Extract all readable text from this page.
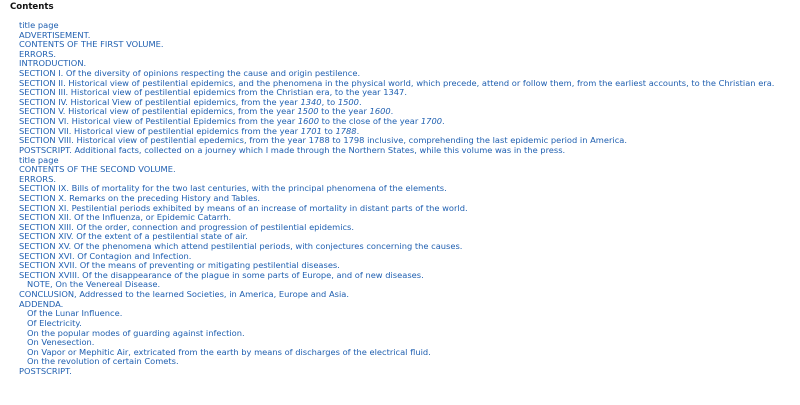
Contents
title page
ADVERTISEMENT.
CONTENTS OF THE FIRST VOLUME.
ERRORS.
INTRODUCTION.
SECTION I. Of the diversity of opinions respecting the cause and origin pestilence.
SECTION II. Historical view of pestilential epidemics, and the phenomena in the physical world, which precede, attend or follow them, from the earliest accounts, to the Christian era.
SECTION III. Historical view of pestilential epidemics from the Christian era, to the year 1347.
SECTION IV. Historical View of pestilential epidemics, from the year 1340, to 1500.
SECTION V. Historical view of pestilential epidemics, from the year 1500 to the year 1600.
SECTION VI. Historical view of Pestilential Epidemics from the year 1600 to the close of the year 1700.
SECTION VII. Historical view of pestilential epidemics from the year 1701 to 1788.
SECTION VIII. Historical view of pestilential epedemics, from the year 1788 to 1798 inclusive, comprehending the last epidemic period in America.
POSTSCRIPT. Additional facts, collected on a journey which I made through the Northern States, while this volume was in the press.
title page
CONTENTS OF THE SECOND VOLUME.
ERRORS.
SECTION IX. Bills of mortality for the two last centuries, with the principal phenomena of the elements.
SECTION X. Remarks on the preceding History and Tables.
SECTION XI. Pestilential periods exhibited by means of an increase of mortality in distant parts of the world.
SECTION XII. Of the Influenza, or Epidemic Catarrh.
SECTION XIII. Of the order, connection and progression of pestilential epidemics.
SECTION XIV. Of the extent of a pestilential state of air.
SECTION XV. Of the phenomena which attend pestilential periods, with conjectures concerning the causes.
SECTION XVI. Of Contagion and Infection.
SECTION XVII. Of the means of preventing or mitigating pestilential diseases.
SECTION XVIII. Of the disappearance of the plague in some parts of Europe, and of new diseases.
NOTE, On the Venereal Disease.
CONCLUSION, Addressed to the learned Societies, in America, Europe and Asia.
ADDENDA.
Of the Lunar Influence.
Of Electricity.
On the popular modes of guarding against infection.
On Venesection.
On Vapor or Mephitic Air, extricated from the earth by means of discharges of the electrical fluid.
On the revolution of certain Comets.
POSTSCRIPT.
